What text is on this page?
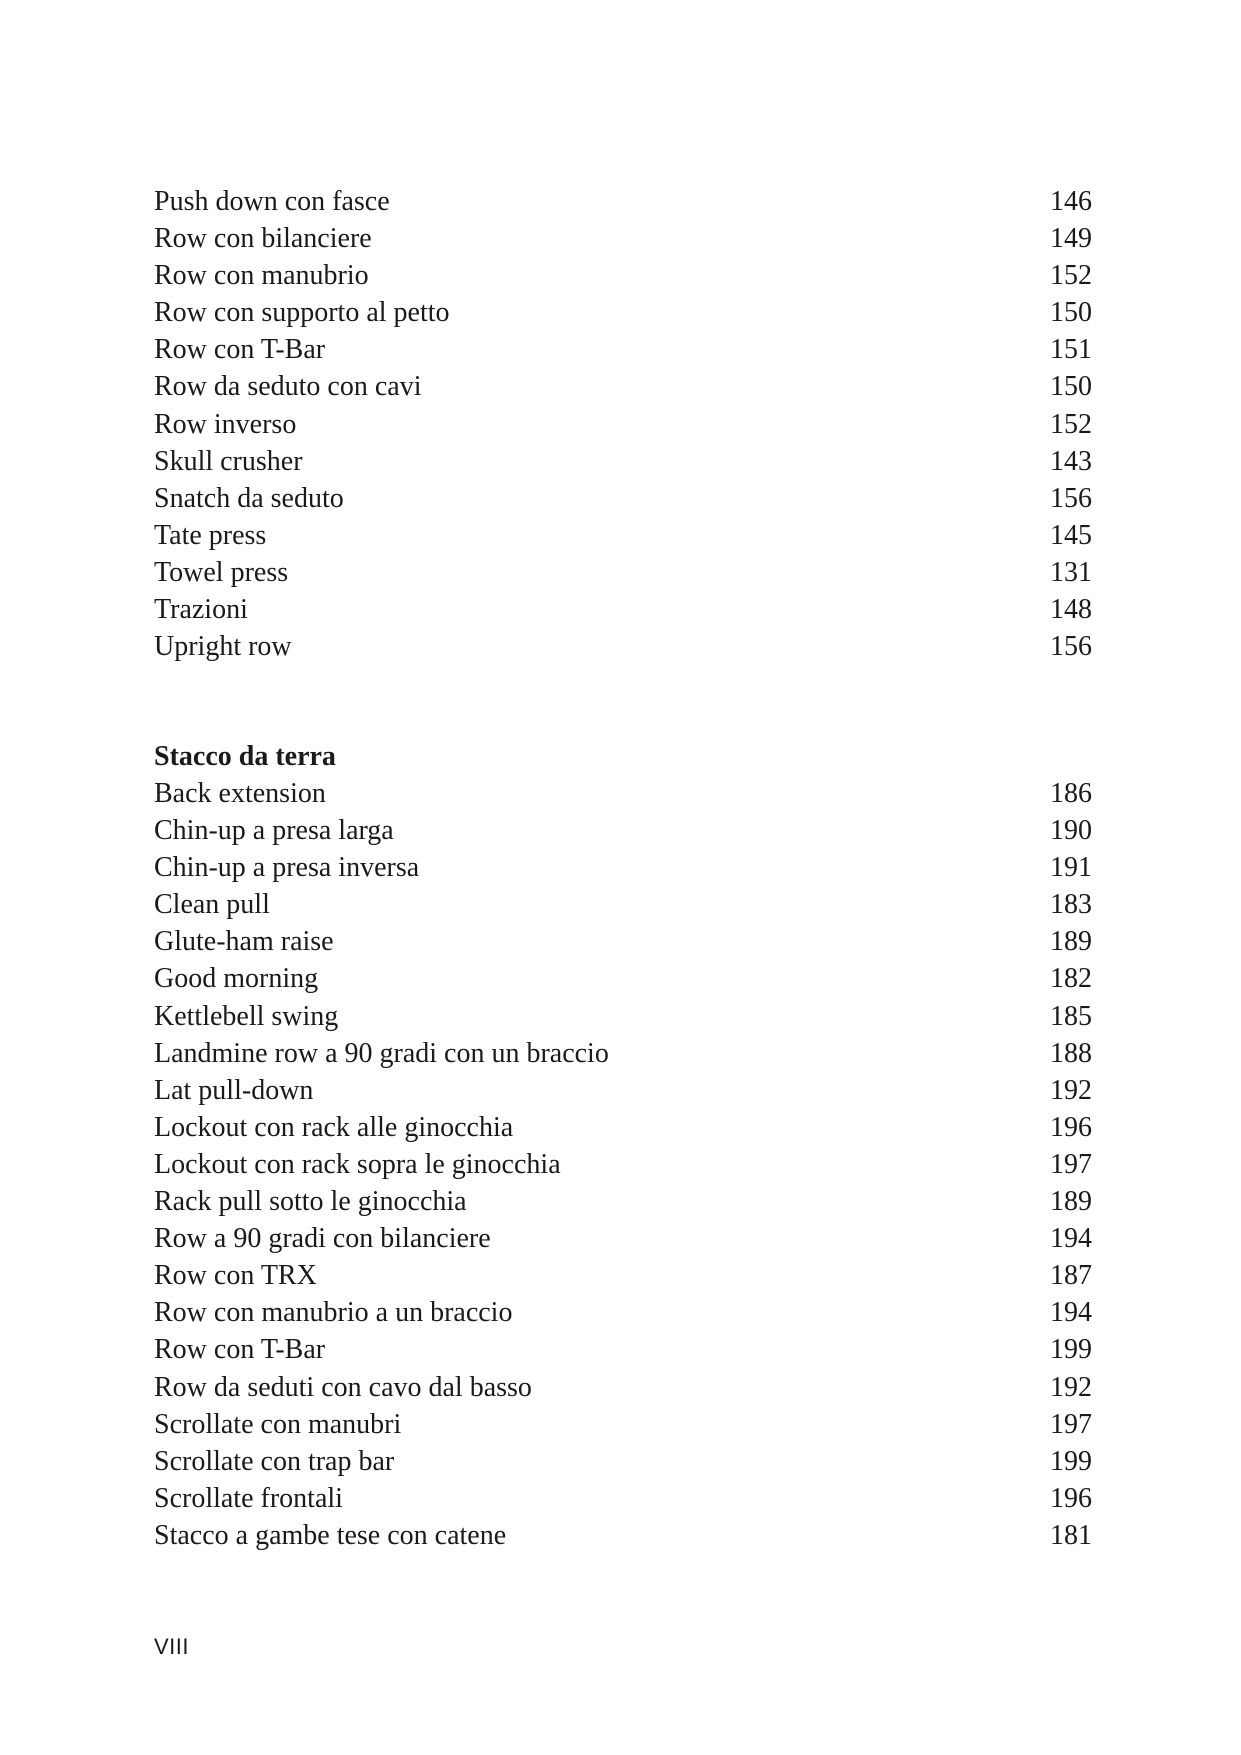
Push down con fasce	146
Row con bilanciere	149
Row con manubrio	152
Row con supporto al petto	150
Row con T-Bar	151
Row da seduto con cavi	150
Row inverso	152
Skull crusher	143
Snatch da seduto	156
Tate press	145
Towel press	131
Trazioni	148
Upright row	156
Stacco da terra
Back extension	186
Chin-up a presa larga	190
Chin-up a presa inversa	191
Clean pull	183
Glute-ham raise	189
Good morning	182
Kettlebell swing	185
Landmine row a 90 gradi con un braccio	188
Lat pull-down	192
Lockout con rack alle ginocchia	196
Lockout con rack sopra le ginocchia	197
Rack pull sotto le ginocchia	189
Row a 90 gradi con bilanciere	194
Row con TRX	187
Row con manubrio a un braccio	194
Row con T-Bar	199
Row da seduti con cavo dal basso	192
Scrollate con manubri	197
Scrollate con trap bar	199
Scrollate frontali	196
Stacco a gambe tese con catene	181
VIII
